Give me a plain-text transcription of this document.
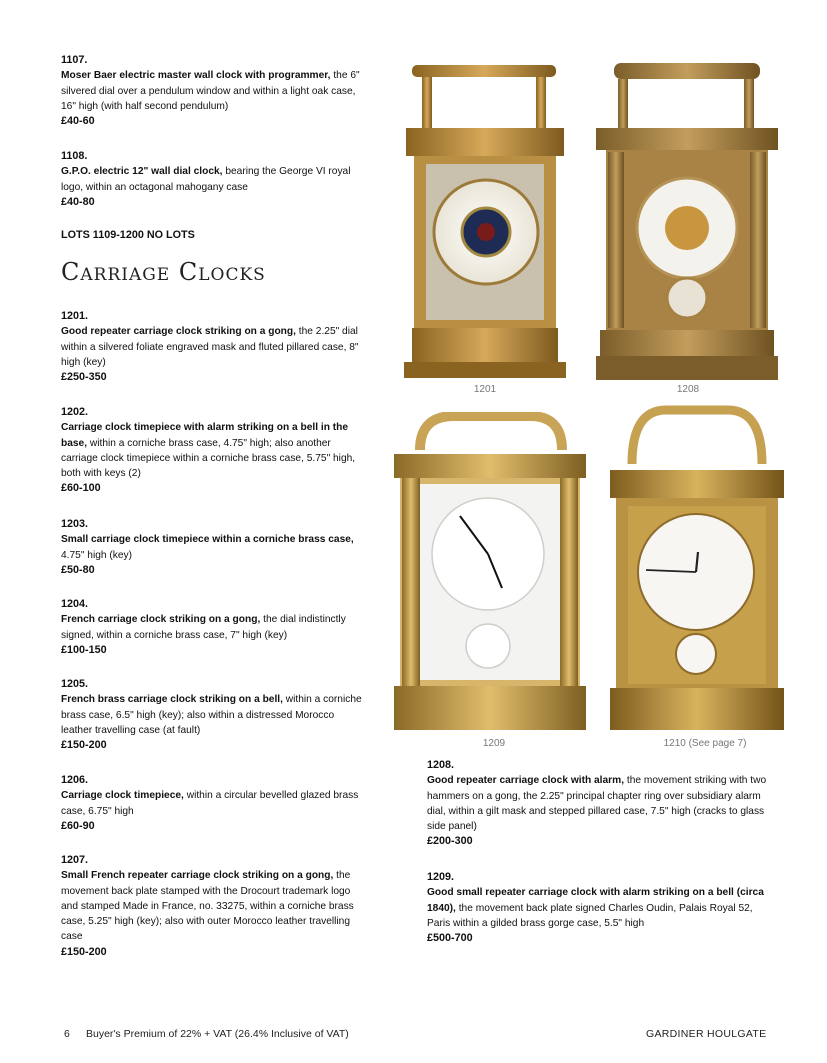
1107.
Moser Baer electric master wall clock with programmer, the 6" silvered dial over a pendulum window and within a light oak case, 16" high (with half second pendulum)
£40-60
1108.
G.P.O. electric 12" wall dial clock, bearing the George VI royal logo, within an octagonal mahogany case
£40-80
LOTS 1109-1200 NO LOTS
Carriage Clocks
1201.
Good repeater carriage clock striking on a gong, the 2.25" dial within a silvered foliate engraved mask and fluted pillared case, 8" high (key)
£250-350
1202.
Carriage clock timepiece with alarm striking on a bell in the base, within a corniche brass case, 4.75" high; also another carriage clock timepiece within a corniche brass case, 5.75" high, both with keys (2)
£60-100
1203.
Small carriage clock timepiece within a corniche brass case, 4.75" high (key)
£50-80
1204.
French carriage clock striking on a gong, the dial indistinctly signed, within a corniche brass case, 7" high (key)
£100-150
1205.
French brass carriage clock striking on a bell, within a corniche brass case, 6.5" high (key); also within a distressed Morocco leather travelling case (at fault)
£150-200
1206.
Carriage clock timepiece, within a circular bevelled glazed brass case, 6.75" high
£60-90
1207.
Small French repeater carriage clock striking on a gong, the movement back plate stamped with the Drocourt trademark logo and stamped Made in France, no. 33275, within a corniche brass case, 5.25" high (key); also with outer Morocco leather travelling case
£150-200
1208.
Good repeater carriage clock with alarm, the movement striking with two hammers on a gong, the 2.25" principal chapter ring over subsidiary alarm dial, within a gilt mask and stepped pillared case, 7.5" high (cracks to glass side panel)
£200-300
1209.
Good small repeater carriage clock with alarm striking on a bell (circa 1840), the movement back plate signed Charles Oudin, Palais Royal 52, Paris within a gilded brass gorge case, 5.5" high
£500-700
1201	1208
1209	1210 (See page 7)
6 Buyer's Premium of 22% + VAT (26.4% Inclusive of VAT)	GARDINER HOULGATE
